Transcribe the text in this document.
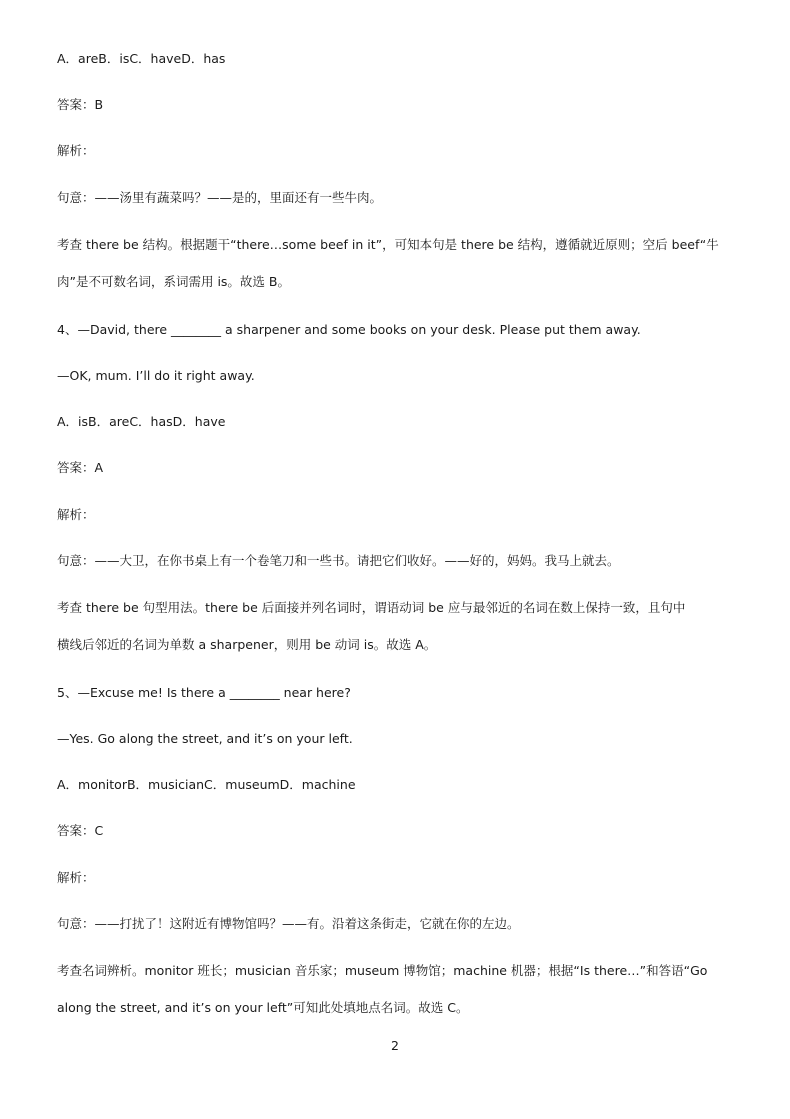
A．areB．isC．haveD．has
答案：B
解析：
句意：——汤里有蔬菜吗？——是的，里面还有一些牛肉。
考查 there be 结构。根据题干“there…some beef in it”，可知本句是 there be 结构，遵循就近原则；空后 beef“牛
肉”是不可数名词，系词需用 is。故选 B。
4、—David, there ________ a sharpener and some books on your desk. Please put them away.
—OK, mum. I’ll do it right away.
A．isB．areC．hasD．have
答案：A
解析：
句意：——大卫，在你书桌上有一个卷笔刀和一些书。请把它们收好。——好的，妈妈。我马上就去。
考查 there be 句型用法。there be 后面接并列名词时，谓语动词 be 应与最邻近的名词在数上保持一致，且句中
横线后邻近的名词为单数 a sharpener，则用 be 动词 is。故选 A。
5、—Excuse me! Is there a ________ near here?
—Yes. Go along the street, and it’s on your left.
A．monitorB．musicianC．museumD．machine
答案：C
解析：
句意：——打扰了！这附近有博物馆吗？——有。沿着这条街走，它就在你的左边。
考查名词辨析。monitor 班长；musician 音乐家；museum 博物馆；machine 机器；根据“Is there…”和答语“Go
along the street, and it’s on your left”可知此处填地点名词。故选 C。
2
